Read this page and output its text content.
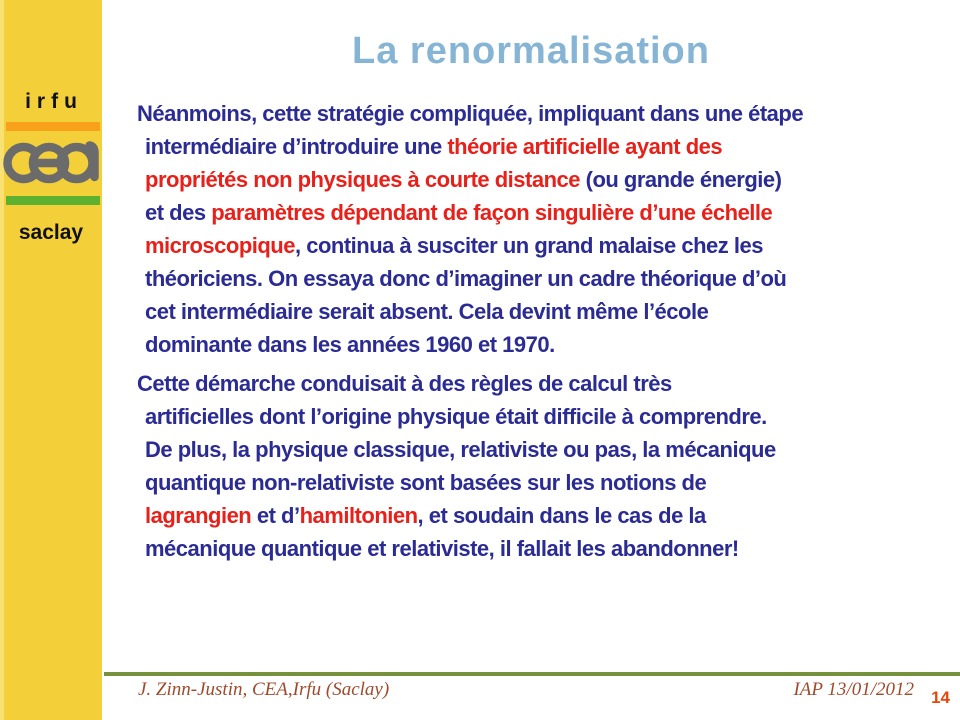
irfu
saclay
La renormalisation
Néanmoins, cette stratégie compliquée, impliquant dans une étape
intermédiaire d’introduire une théorie artificielle ayant des
propriétés non physiques à courte distance (ou grande énergie)
et des paramètres dépendant de façon singulière d’une échelle
microscopique, continua à susciter un grand malaise chez les
théoriciens. On essaya donc d’imaginer un cadre théorique d’où
cet intermédiaire serait absent. Cela devint même l’école
dominante dans les années 1960 et 1970.
Cette démarche conduisait à des règles de calcul très
artificielles dont l’origine physique était difficile à comprendre.
De plus, la physique classique, relativiste ou pas, la mécanique
quantique non-relativiste sont basées sur les notions de
lagrangien et d’hamiltonien, et soudain dans le cas de la
mécanique quantique et relativiste, il fallait les abandonner!
J. Zinn-Justin, CEA,Irfu (Saclay)	IAP 13/01/2012 14
